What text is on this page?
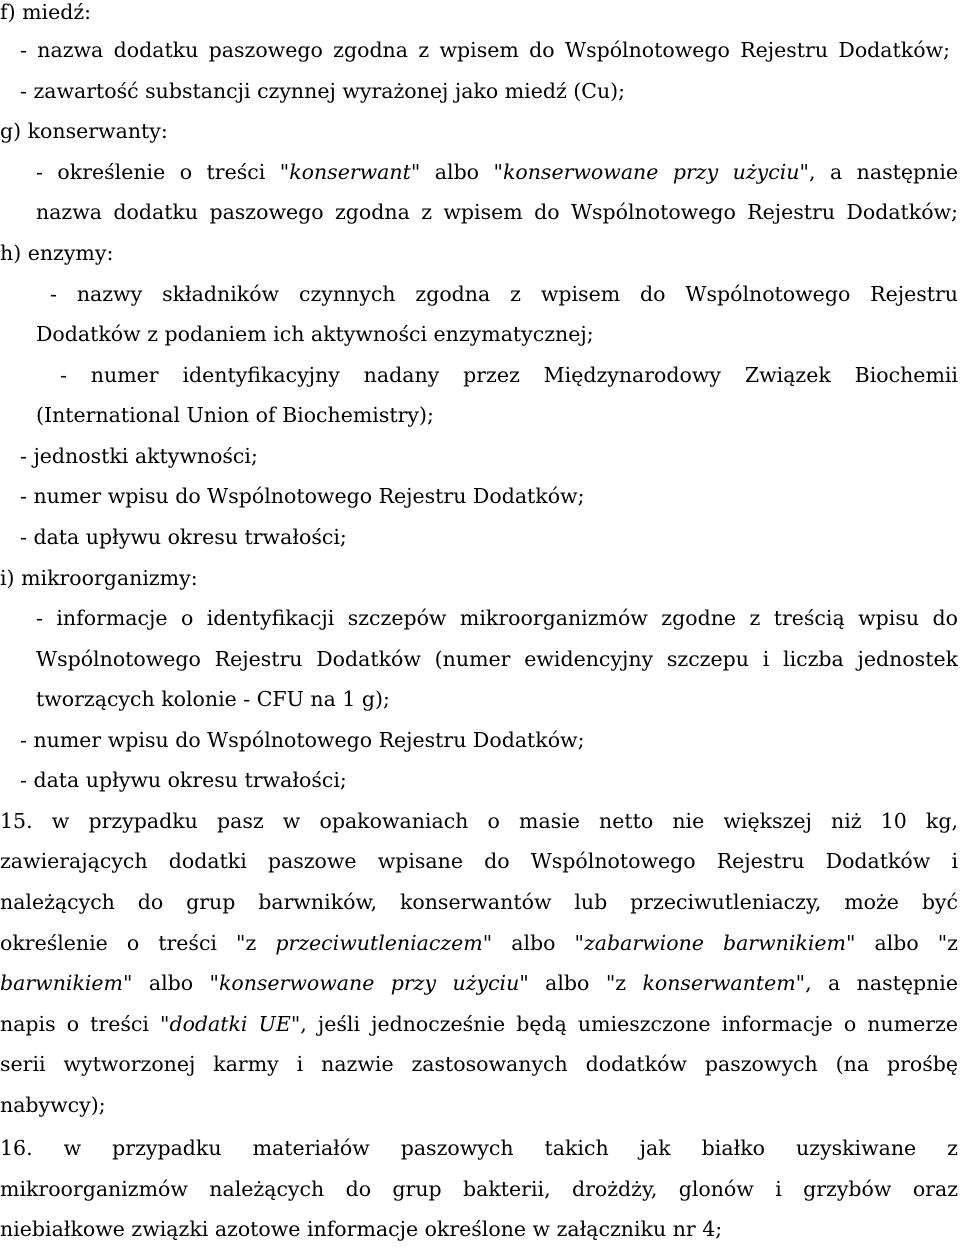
f) miedź:
- nazwa dodatku paszowego zgodna z wpisem do Wspólnotowego Rejestru Dodatków;
- zawartość substancji czynnej wyrażonej jako miedź (Cu);
g) konserwanty:
- określenie o treści "konserwant" albo "konserwowane przy użyciu", a następnie
nazwa dodatku paszowego zgodna z wpisem do Wspólnotowego Rejestru Dodatków;
h) enzymy:
- nazwy składników czynnych zgodna z wpisem do Wspólnotowego Rejestru
Dodatków z podaniem ich aktywności enzymatycznej;
- numer identyfikacyjny nadany przez Międzynarodowy Związek Biochemii
(International Union of Biochemistry);
- jednostki aktywności;
- numer wpisu do Wspólnotowego Rejestru Dodatków;
- data upływu okresu trwałości;
i) mikroorganizmy:
- informacje o identyfikacji szczepów mikroorganizmów zgodne z treścią wpisu do
Wspólnotowego Rejestru Dodatków (numer ewidencyjny szczepu i liczba jednostek
tworzących kolonie - CFU na 1 g);
- numer wpisu do Wspólnotowego Rejestru Dodatków;
- data upływu okresu trwałości;
15. w przypadku pasz w opakowaniach o masie netto nie większej niż 10 kg,
zawierających dodatki paszowe wpisane do Wspólnotowego Rejestru Dodatków i
należących do grup barwników, konserwantów lub przeciwutleniaczy, może być
określenie o treści "z przeciwutleniaczem" albo "zabarwione barwnikiem" albo "z
barwnikiem" albo "konserwowane przy użyciu" albo "z konserwantem", a następnie
napis o treści "dodatki UE", jeśli jednocześnie będą umieszczone informacje o numerze
serii wytworzonej karmy i nazwie zastosowanych dodatków paszowych (na prośbę
nabywcy);
16. w przypadku materiałów paszowych takich jak białko uzyskiwane z
mikroorganizmów należących do grup bakterii, drożdży, glonów i grzybów oraz
niebiałkowe związki azotowe informacje określone w załączniku nr 4;
